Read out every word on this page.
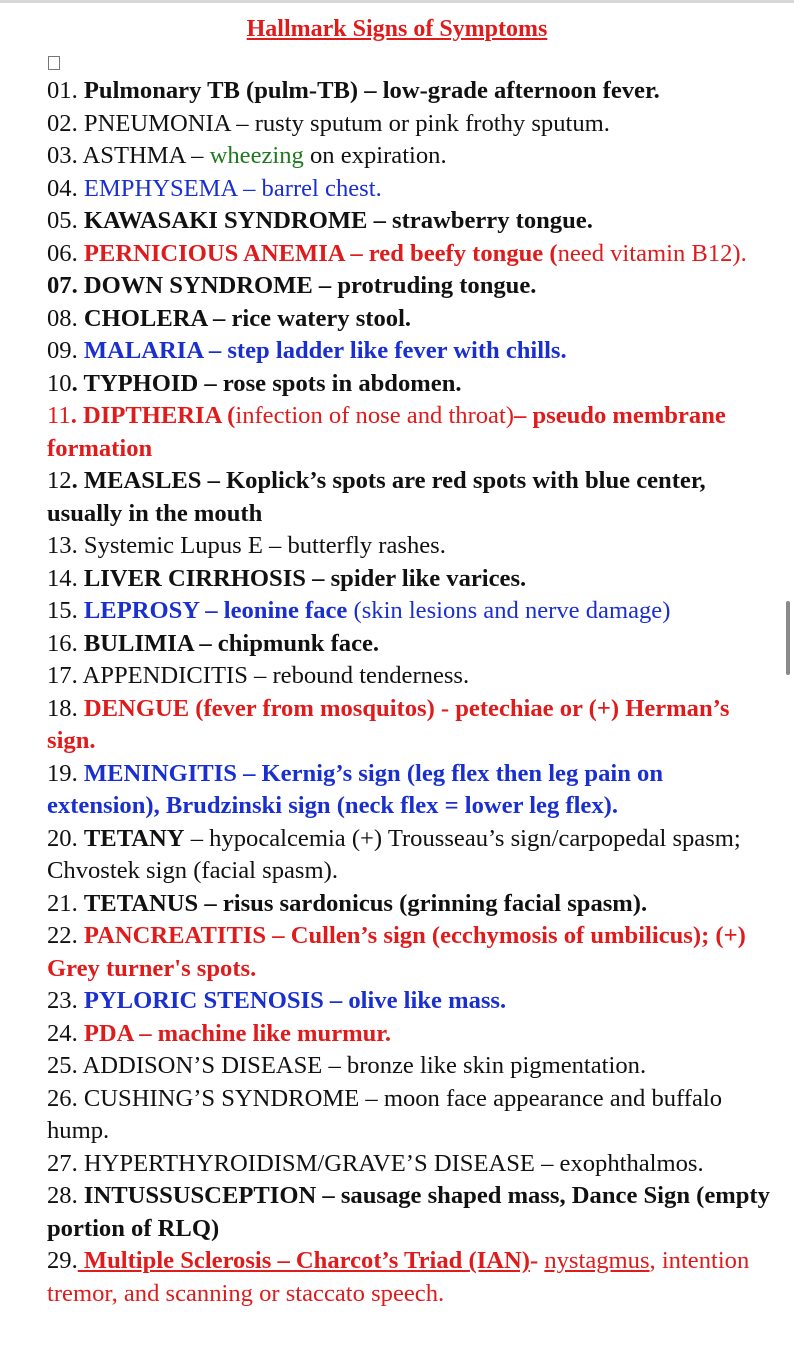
Hallmark Signs of Symptoms
01. Pulmonary TB (pulm-TB) – low-grade afternoon fever.
02. PNEUMONIA – rusty sputum or pink frothy sputum.
03. ASTHMA – wheezing on expiration.
04. EMPHYSEMA – barrel chest.
05. KAWASAKI SYNDROME – strawberry tongue.
06. PERNICIOUS ANEMIA – red beefy tongue (need vitamin B12).
07. DOWN SYNDROME – protruding tongue.
08. CHOLERA – rice watery stool.
09. MALARIA – step ladder like fever with chills.
10. TYPHOID – rose spots in abdomen.
11. DIPTHERIA (infection of nose and throat)– pseudo membrane formation
12. MEASLES – Koplick’s spots are red spots with blue center, usually in the mouth
13. Systemic Lupus E – butterfly rashes.
14. LIVER CIRRHOSIS – spider like varices.
15. LEPROSY – leonine face (skin lesions and nerve damage)
16. BULIMIA – chipmunk face.
17. APPENDICITIS – rebound tenderness.
18. DENGUE (fever from mosquitos) - petechiae or (+) Herman’s sign.
19. MENINGITIS – Kernig’s sign (leg flex then leg pain on extension), Brudzinski sign (neck flex = lower leg flex).
20. TETANY – hypocalcemia (+) Trousseau’s sign/carpopedal spasm; Chvostek sign (facial spasm).
21. TETANUS – risus sardonicus (grinning facial spasm).
22. PANCREATITIS – Cullen’s sign (ecchymosis of umbilicus); (+) Grey turner's spots.
23. PYLORIC STENOSIS – olive like mass.
24. PDA – machine like murmur.
25. ADDISON’S DISEASE – bronze like skin pigmentation.
26. CUSHING’S SYNDROME – moon face appearance and buffalo hump.
27. HYPERTHYROIDISM/GRAVE’S DISEASE – exophthalmos.
28. INTUSSUSCEPTION – sausage shaped mass, Dance Sign (empty portion of RLQ)
29. Multiple Sclerosis – Charcot’s Triad (IAN)- nystagmus, intention tremor, and scanning or staccato speech.
